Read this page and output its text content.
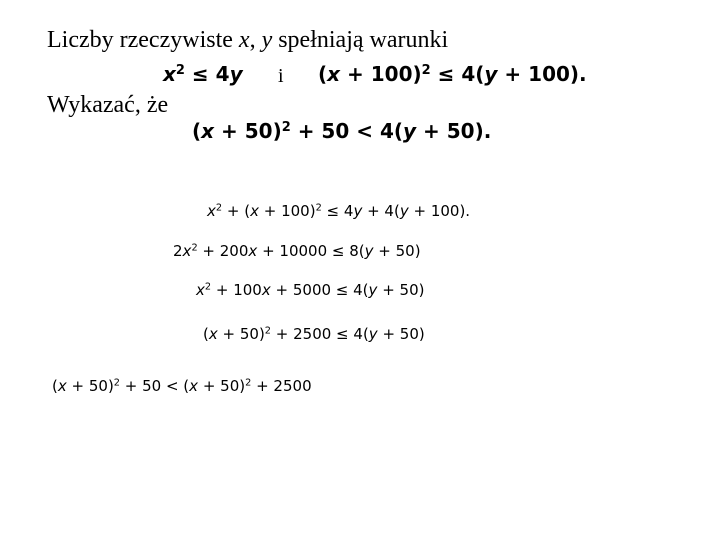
Liczby rzeczywiste x, y spełniają warunki
$x^2 \le 4y$ i $(x + 100)^2 \le 4(y + 100)$.
Wykazać, że
$(x + 50)^2 + 50 < 4(y + 50)$.
$x^2 + (x + 100)^2 \le 4y + 4(y + 100)$.
$2x^2 + 200x + 10000 \le 8(y + 50)$
$x^2 + 100x + 5000 \le 4(y + 50)$
$(x + 50)^2 + 2500 \le 4(y + 50)$
$(x + 50)^2 + 50 < (x + 50)^2 + 2500$
